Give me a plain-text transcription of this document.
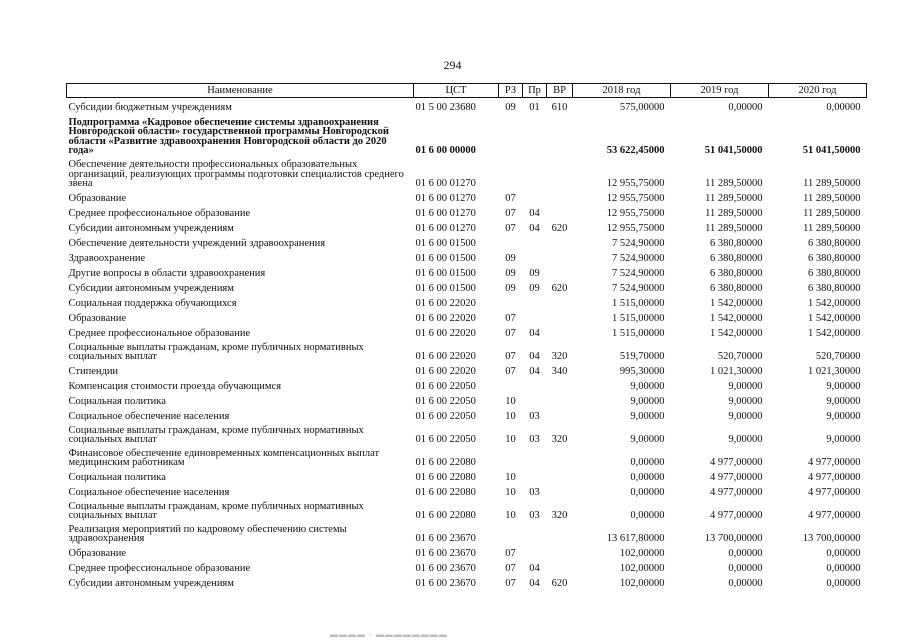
294
Наименование	ЦСТ	РЗ	Пр	ВР	2018 год	2019 год	2020 год
Субсидии бюджетным учреждениям	01 5 00 23680	09	01	610	575,00000	0,00000	0,00000
Подпрограмма «Кадровое обеспечение системы здравоохранения Новгородской области» государственной программы Новгородской области «Развитие здравоохранения Новгородской области до 2020 года»	01 6 00 00000				53 622,45000	51 041,50000	51 041,50000
Обеспечение деятельности профессиональных образовательных организаций, реализующих программы подготовки специалистов среднего звена	01 6 00 01270				12 955,75000	11 289,50000	11 289,50000
Образование	01 6 00 01270	07			12 955,75000	11 289,50000	11 289,50000
Среднее профессиональное образование	01 6 00 01270	07	04		12 955,75000	11 289,50000	11 289,50000
Субсидии автономным учреждениям	01 6 00 01270	07	04	620	12 955,75000	11 289,50000	11 289,50000
Обеспечение деятельности учреждений здравоохранения	01 6 00 01500				7 524,90000	6 380,80000	6 380,80000
Здравоохранение	01 6 00 01500	09			7 524,90000	6 380,80000	6 380,80000
Другие вопросы в области здравоохранения	01 6 00 01500	09	09		7 524,90000	6 380,80000	6 380,80000
Субсидии автономным учреждениям	01 6 00 01500	09	09	620	7 524,90000	6 380,80000	6 380,80000
Социальная поддержка обучающихся	01 6 00 22020				1 515,00000	1 542,00000	1 542,00000
Образование	01 6 00 22020	07			1 515,00000	1 542,00000	1 542,00000
Среднее профессиональное образование	01 6 00 22020	07	04		1 515,00000	1 542,00000	1 542,00000
Социальные выплаты гражданам, кроме публичных нормативных социальных выплат	01 6 00 22020	07	04	320	519,70000	520,70000	520,70000
Стипендии	01 6 00 22020	07	04	340	995,30000	1 021,30000	1 021,30000
Компенсация стоимости проезда обучающимся	01 6 00 22050				9,00000	9,00000	9,00000
Социальная политика	01 6 00 22050	10			9,00000	9,00000	9,00000
Социальное обеспечение населения	01 6 00 22050	10	03		9,00000	9,00000	9,00000
Социальные выплаты гражданам, кроме публичных нормативных социальных выплат	01 6 00 22050	10	03	320	9,00000	9,00000	9,00000
Финансовое обеспечение единовременных компенсационных выплат медицинским работникам	01 6 00 22080				0,00000	4 977,00000	4 977,00000
Социальная политика	01 6 00 22080	10			0,00000	4 977,00000	4 977,00000
Социальное обеспечение населения	01 6 00 22080	10	03		0,00000	4 977,00000	4 977,00000
Социальные выплаты гражданам, кроме публичных нормативных социальных выплат	01 6 00 22080	10	03	320	0,00000	4 977,00000	4 977,00000
Реализация мероприятий по кадровому обеспечению системы здравоохранения	01 6 00 23670				13 617,80000	13 700,00000	13 700,00000
Образование	01 6 00 23670	07			102,00000	0,00000	0,00000
Среднее профессиональное образование	01 6 00 23670	07	04		102,00000	0,00000	0,00000
Субсидии автономным учреждениям	01 6 00 23670	07	04	620	102,00000	0,00000	0,00000
▬▬▬▬ ▫ ▬▬▬▬▬▬▬▬
